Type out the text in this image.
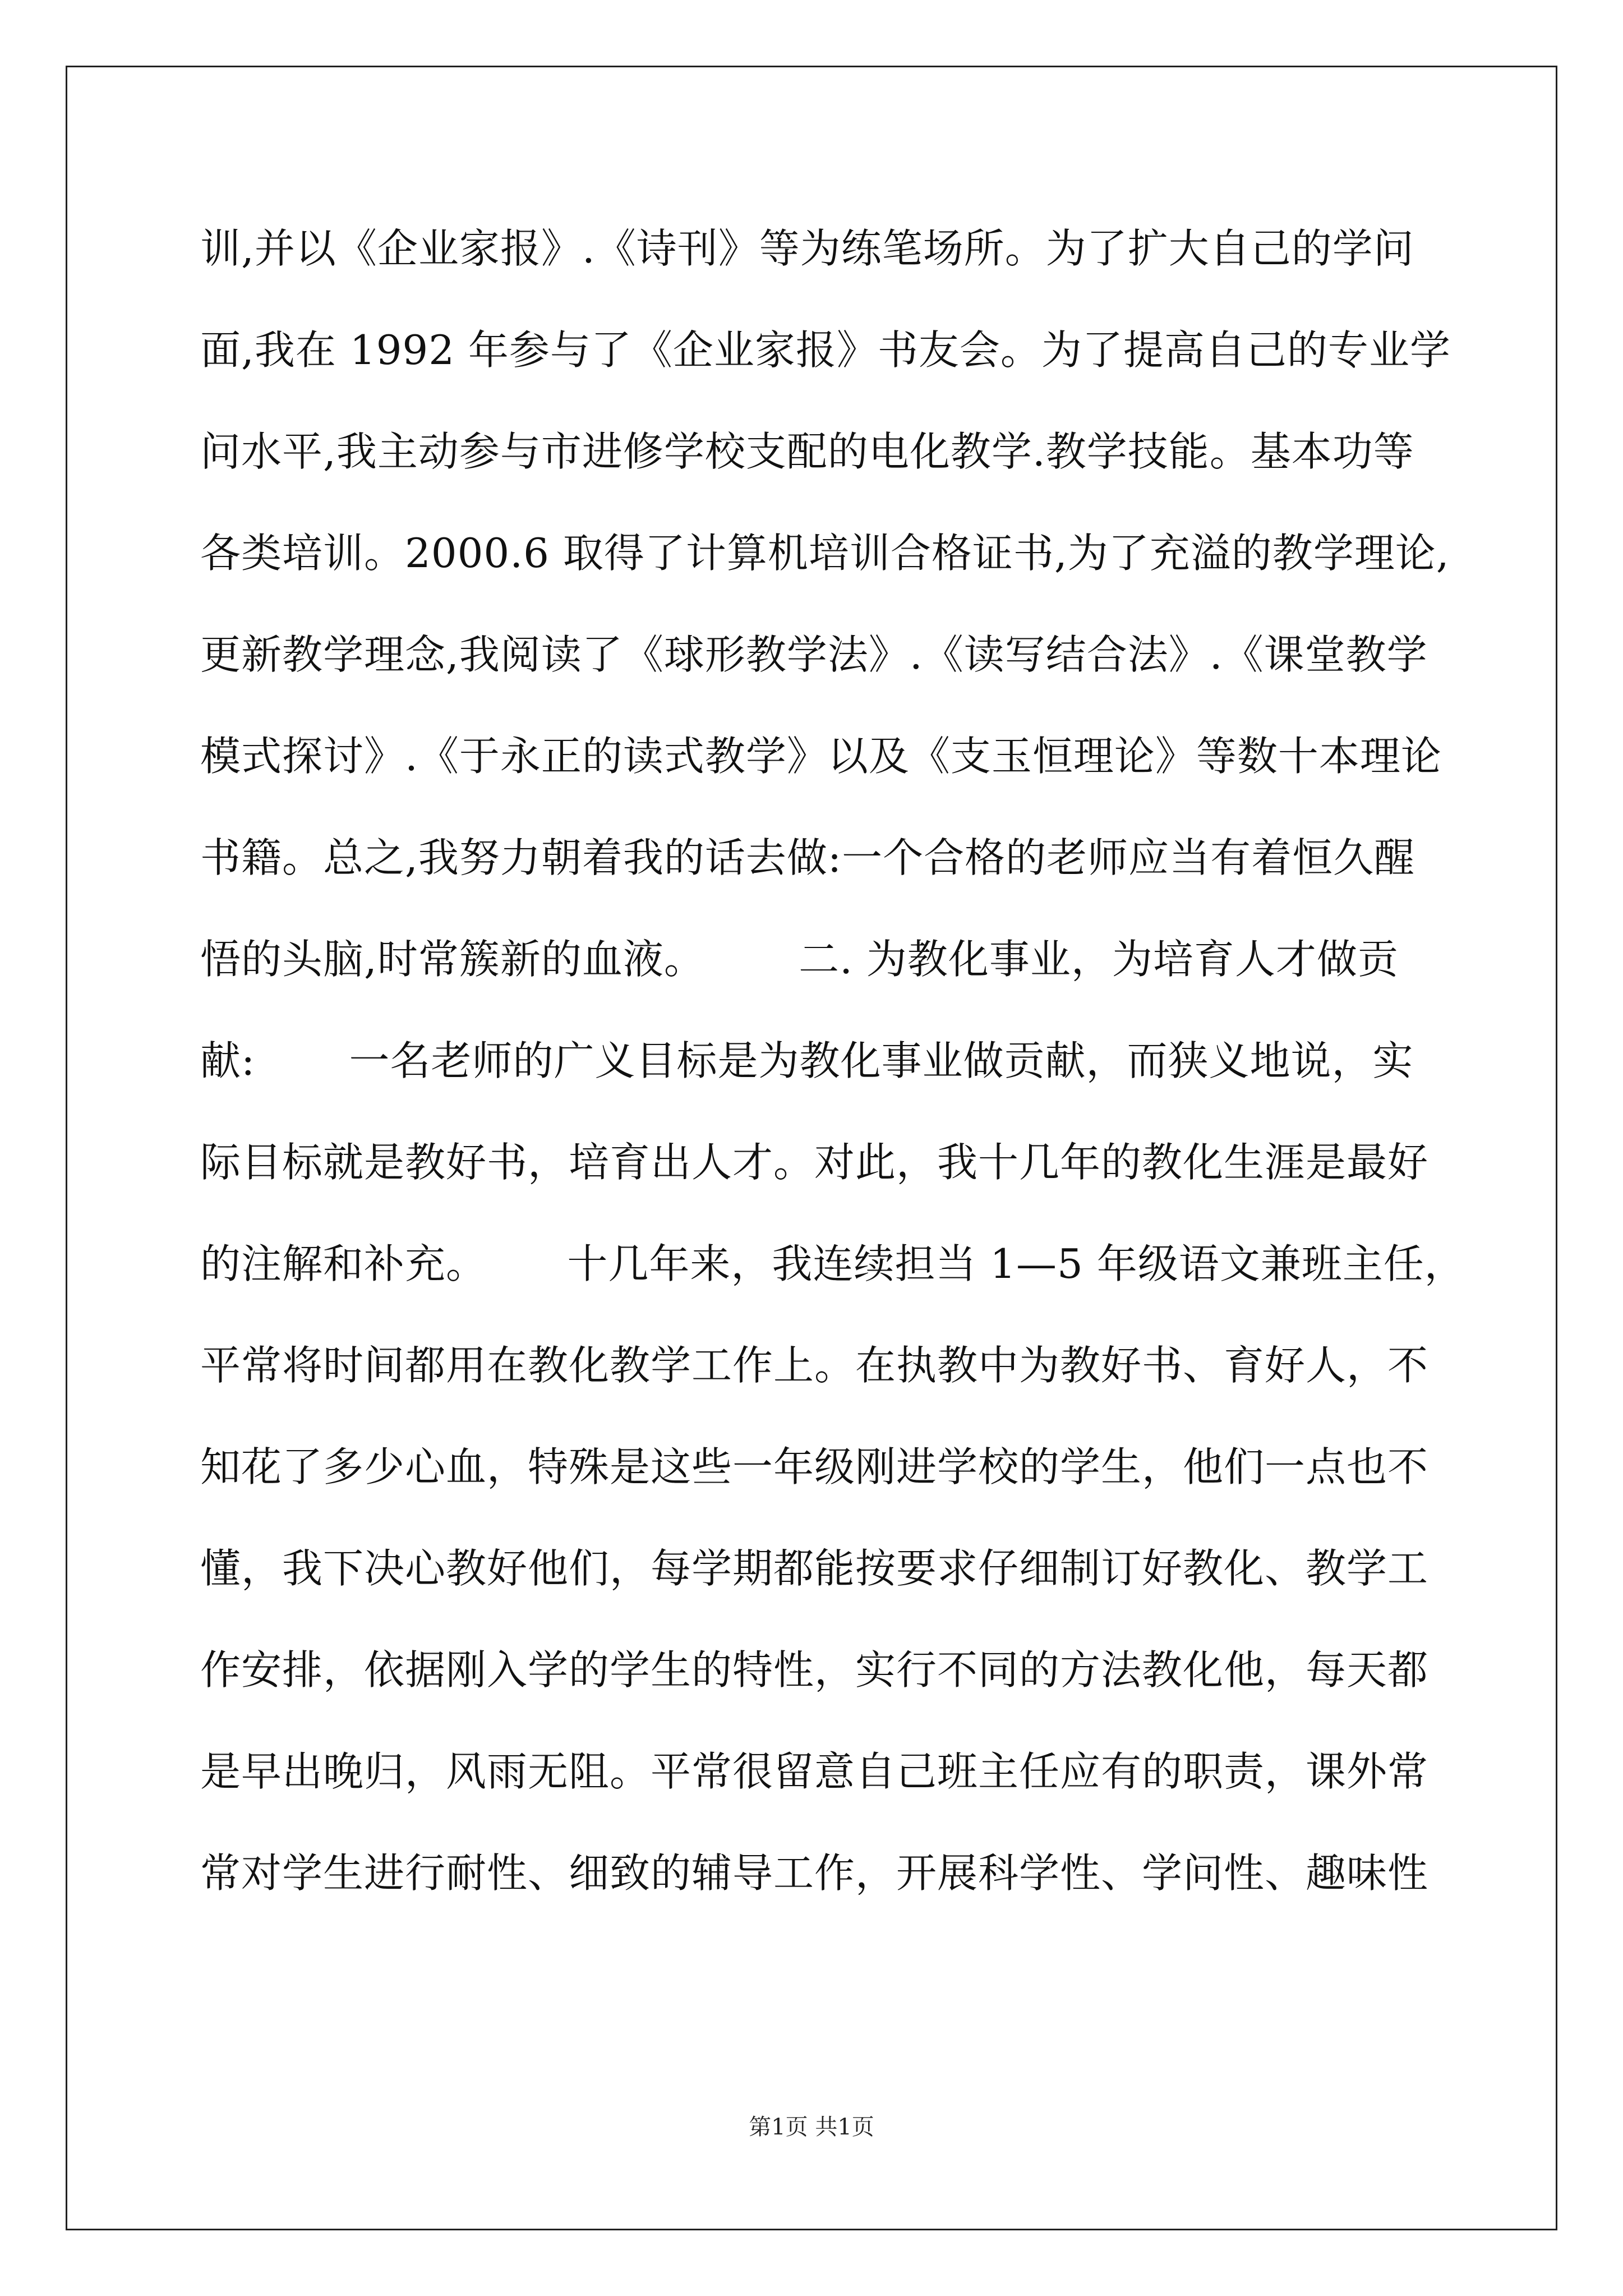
训,并以《企业家报》.《诗刊》等为练笔场所。为了扩大自己的学问
面,我在 1992 年参与了《企业家报》书友会。为了提高自己的专业学
问水平,我主动参与市进修学校支配的电化教学.教学技能。基本功等
各类培训。2000.6 取得了计算机培训合格证书,为了充溢的教学理论,
更新教学理念,我阅读了《球形教学法》.《读写结合法》.《课堂教学
模式探讨》.《于永正的读式教学》以及《支玉恒理论》等数十本理论
书籍。总之,我努力朝着我的话去做:一个合格的老师应当有着恒久醒
悟的头脑,时常簇新的血液。       二. 为教化事业，为培育人才做贡
献:       一名老师的广义目标是为教化事业做贡献，而狭义地说，实
际目标就是教好书，培育出人才。对此，我十几年的教化生涯是最好
的注解和补充。      十几年来，我连续担当 1—5 年级语文兼班主任，
平常将时间都用在教化教学工作上。在执教中为教好书、育好人，不
知花了多少心血，特殊是这些一年级刚进学校的学生，他们一点也不
懂，我下决心教好他们，每学期都能按要求仔细制订好教化、教学工
作安排，依据刚入学的学生的特性，实行不同的方法教化他，每天都
是早出晚归，风雨无阻。平常很留意自己班主任应有的职责，课外常
常对学生进行耐性、细致的辅导工作，开展科学性、学问性、趣味性
第1页 共1页
